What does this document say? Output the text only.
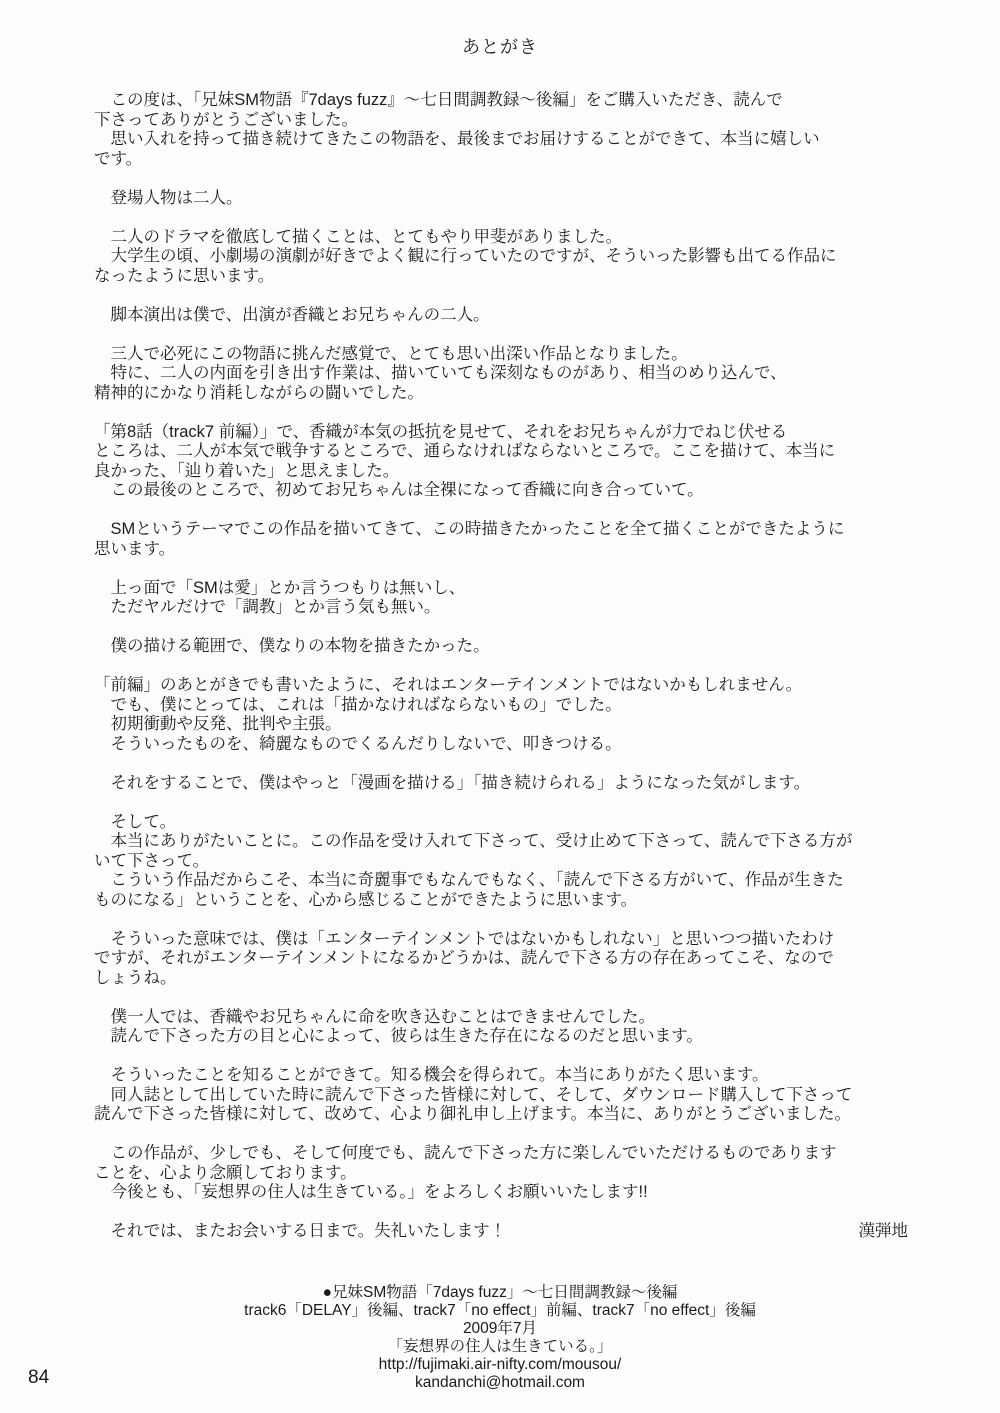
あとがき
　この度は、「兄妹SM物語『7days fuzz』～七日間調教録～後編」をご購入いただき、読んで
下さってありがとうございました。
　思い入れを持って描き続けてきたこの物語を、最後までお届けすることができて、本当に嬉しい
です。

　登場人物は二人。

　二人のドラマを徹底して描くことは、とてもやり甲斐がありました。
　大学生の頃、小劇場の演劇が好きでよく観に行っていたのですが、そういった影響も出てる作品に
なったように思います。

　脚本演出は僕で、出演が香織とお兄ちゃんの二人。

　三人で必死にこの物語に挑んだ感覚で、とても思い出深い作品となりました。
　特に、二人の内面を引き出す作業は、描いていても深刻なものがあり、相当のめり込んで、
精神的にかなり消耗しながらの闘いでした。

「第8話（track7 前編）」で、香織が本気の抵抗を見せて、それをお兄ちゃんが力でねじ伏せる
ところは、二人が本気で戦争するところで、通らなければならないところで。ここを描けて、本当に
良かった、「辿り着いた」と思えました。
　この最後のところで、初めてお兄ちゃんは全裸になって香織に向き合っていて。

　SMというテーマでこの作品を描いてきて、この時描きたかったことを全て描くことができたように
思います。

　上っ面で「SMは愛」とか言うつもりは無いし、
　ただヤルだけで「調教」とか言う気も無い。

　僕の描ける範囲で、僕なりの本物を描きたかった。

「前編」のあとがきでも書いたように、それはエンターテインメントではないかもしれません。
　でも、僕にとっては、これは「描かなければならないもの」でした。
　初期衝動や反発、批判や主張。
　そういったものを、綺麗なものでくるんだりしないで、叩きつける。

　それをすることで、僕はやっと「漫画を描ける」「描き続けられる」ようになった気がします。

　そして。
　本当にありがたいことに。この作品を受け入れて下さって、受け止めて下さって、読んで下さる方が
いて下さって。
　こういう作品だからこそ、本当に奇麗事でもなんでもなく、「読んで下さる方がいて、作品が生きた
ものになる」ということを、心から感じることができたように思います。

　そういった意味では、僕は「エンターテインメントではないかもしれない」と思いつつ描いたわけ
ですが、それがエンターテインメントになるかどうかは、読んで下さる方の存在あってこそ、なので
しょうね。

　僕一人では、香織やお兄ちゃんに命を吹き込むことはできませんでした。
　読んで下さった方の目と心によって、彼らは生きた存在になるのだと思います。

　そういったことを知ることができて。知る機会を得られて。本当にありがたく思います。
　同人誌として出していた時に読んで下さった皆様に対して、そして、ダウンロード購入して下さって
読んで下さった皆様に対して、改めて、心より御礼申し上げます。本当に、ありがとうございました。

　この作品が、少しでも、そして何度でも、読んで下さった方に楽しんでいただけるものであります
ことを、心より念願しております。
　今後とも、「妄想界の住人は生きている。」をよろしくお願いいたします!!

　それでは、またお会いする日まで。失礼いたします！	漢弾地
●兄妹SM物語「7days fuzz」～七日間調教録～後編
track6「DELAY」後編、track7「no effect」前編、track7「no effect」後編
2009年7月
「妄想界の住人は生きている。」
http://fujimaki.air-nifty.com/mousou/
kandanchi@hotmail.com
84
